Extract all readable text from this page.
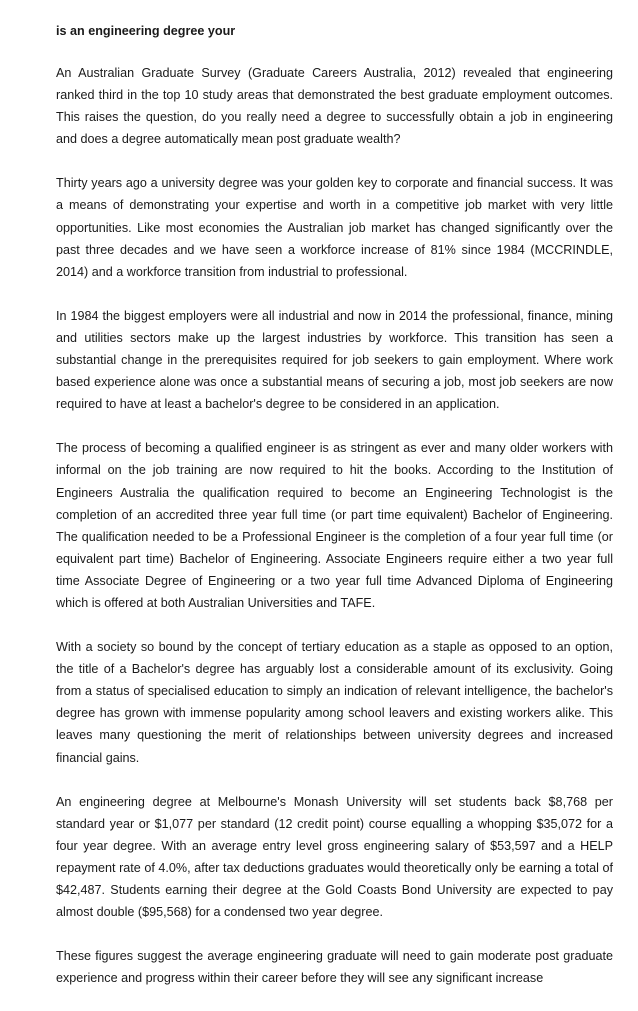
is an engineering degree your

An Australian Graduate Survey (Graduate Careers Australia, 2012) revealed that engineering ranked third in the top 10 study areas that demonstrated the best graduate employment outcomes. This raises the question, do you really need a degree to successfully obtain a job in engineering and does a degree automatically mean post graduate wealth?

Thirty years ago a university degree was your golden key to corporate and financial success. It was a means of demonstrating your expertise and worth in a competitive job market with very little opportunities. Like most economies the Australian job market has changed significantly over the past three decades and we have seen a workforce increase of 81% since 1984 (MCCRINDLE, 2014) and a workforce transition from industrial to professional.

In 1984 the biggest employers were all industrial and now in 2014 the professional, finance, mining and utilities sectors make up the largest industries by workforce. This transition has seen a substantial change in the prerequisites required for job seekers to gain employment. Where work based experience alone was once a substantial means of securing a job, most job seekers are now required to have at least a bachelor's degree to be considered in an application.

The process of becoming a qualified engineer is as stringent as ever and many older workers with informal on the job training are now required to hit the books. According to the Institution of Engineers Australia the qualification required to become an Engineering Technologist is the completion of an accredited three year full time (or part time equivalent) Bachelor of Engineering. The qualification needed to be a Professional Engineer is the completion of a four year full time (or equivalent part time) Bachelor of Engineering. Associate Engineers require either a two year full time Associate Degree of Engineering or a two year full time Advanced Diploma of Engineering which is offered at both Australian Universities and TAFE.

With a society so bound by the concept of tertiary education as a staple as opposed to an option, the title of a Bachelor's degree has arguably lost a considerable amount of its exclusivity. Going from a status of specialised education to simply an indication of relevant intelligence, the bachelor's degree has grown with immense popularity among school leavers and existing workers alike. This leaves many questioning the merit of relationships between university degrees and increased financial gains.

An engineering degree at Melbourne's Monash University will set students back $8,768 per standard year or $1,077 per standard (12 credit point) course equalling a whopping $35,072 for a four year degree. With an average entry level gross engineering salary of $53,597 and a HELP repayment rate of 4.0%, after tax deductions graduates would theoretically only be earning a total of $42,487. Students earning their degree at the Gold Coasts Bond University are expected to pay almost double ($95,568) for a condensed two year degree.

These figures suggest the average engineering graduate will need to gain moderate post graduate experience and progress within their career before they will see any significant increase
